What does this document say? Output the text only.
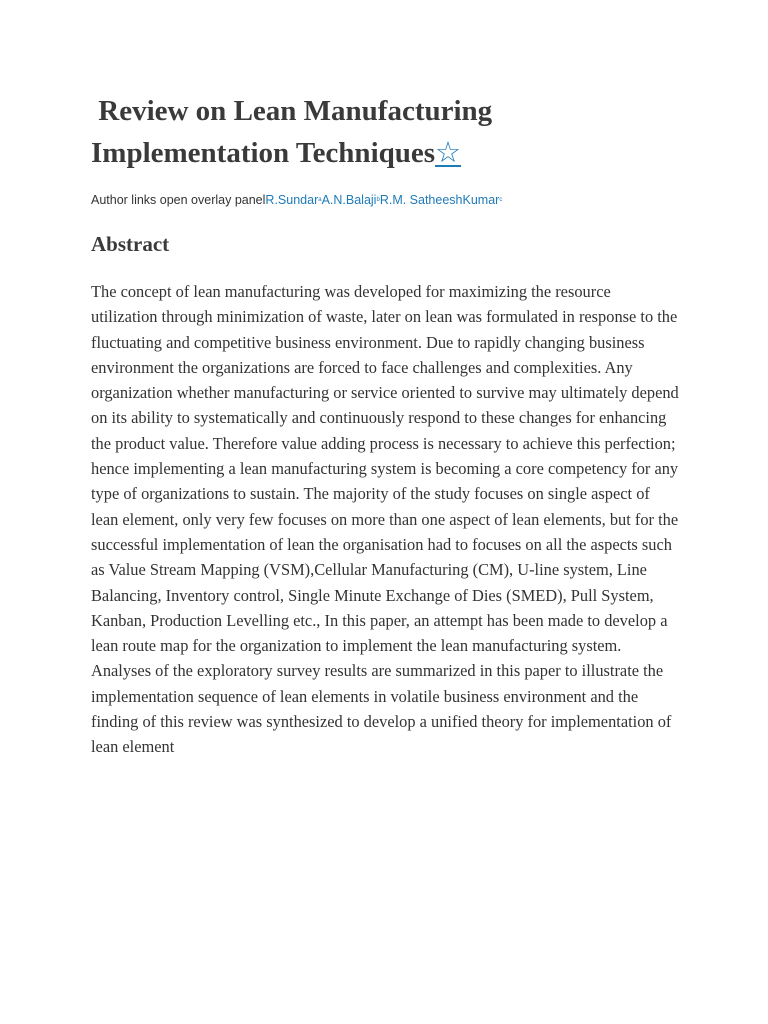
Review on Lean Manufacturing Implementation Techniques☆
Author links open overlay panelR.Sundar$^a$A.N.Balaji$^b$R.M. SatheeshKumar$^c$
Abstract

The concept of lean manufacturing was developed for maximizing the resource utilization through minimization of waste, later on lean was formulated in response to the fluctuating and competitive business environment. Due to rapidly changing business environment the organizations are forced to face challenges and complexities. Any organization whether manufacturing or service oriented to survive may ultimately depend on its ability to systematically and continuously respond to these changes for enhancing the product value. Therefore value adding process is necessary to achieve this perfection; hence implementing a lean manufacturing system is becoming a core competency for any type of organizations to sustain. The majority of the study focuses on single aspect of lean element, only very few focuses on more than one aspect of lean elements, but for the successful implementation of lean the organisation had to focuses on all the aspects such as Value Stream Mapping (VSM),Cellular Manufacturing (CM), U-line system, Line Balancing, Inventory control, Single Minute Exchange of Dies (SMED), Pull System, Kanban, Production Levelling etc., In this paper, an attempt has been made to develop a lean route map for the organization to implement the lean manufacturing system. Analyses of the exploratory survey results are summarized in this paper to illustrate the implementation sequence of lean elements in volatile business environment and the finding of this review was synthesized to develop a unified theory for implementation of lean element
